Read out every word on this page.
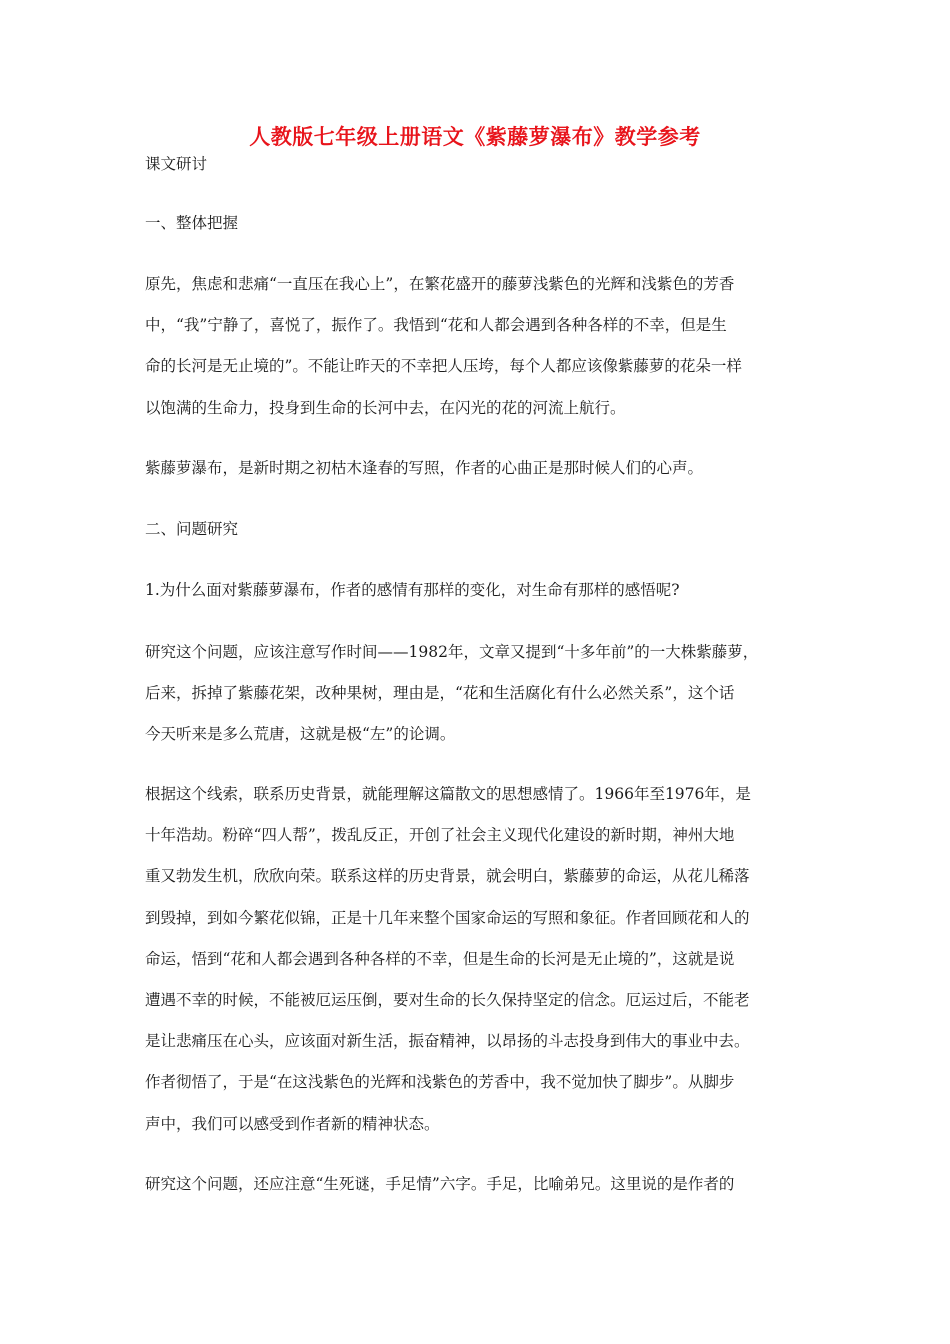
人教版七年级上册语文《紫藤萝瀑布》教学参考

课文研讨

一、整体把握

原先，焦虑和悲痛“一直压在我心上”，在繁花盛开的藤萝浅紫色的光辉和浅紫色的芳香
中，“我”宁静了，喜悦了，振作了。我悟到“花和人都会遇到各种各样的不幸，但是生
命的长河是无止境的”。不能让昨天的不幸把人压垮，每个人都应该像紫藤萝的花朵一样
以饱满的生命力，投身到生命的长河中去，在闪光的花的河流上航行。

紫藤萝瀑布，是新时期之初枯木逢春的写照，作者的心曲正是那时候人们的心声。

二、问题研究

1.为什么面对紫藤萝瀑布，作者的感情有那样的变化，对生命有那样的感悟呢?

研究这个问题，应该注意写作时间——1982年，文章又提到“十多年前”的一大株紫藤萝，
后来，拆掉了紫藤花架，改种果树，理由是，“花和生活腐化有什么必然关系”，这个话
今天听来是多么荒唐，这就是极“左”的论调。
根据这个线索，联系历史背景，就能理解这篇散文的思想感情了。1966年至1976年，是
十年浩劫。粉碎“四人帮”，拨乱反正，开创了社会主义现代化建设的新时期，神州大地
重又勃发生机，欣欣向荣。联系这样的历史背景，就会明白，紫藤萝的命运，从花儿稀落
到毁掉，到如今繁花似锦，正是十几年来整个国家命运的写照和象征。作者回顾花和人的
命运，悟到“花和人都会遇到各种各样的不幸，但是生命的长河是无止境的”，这就是说
遭遇不幸的时候，不能被厄运压倒，要对生命的长久保持坚定的信念。厄运过后，不能老
是让悲痛压在心头，应该面对新生活，振奋精神，以昂扬的斗志投身到伟大的事业中去。
作者彻悟了，于是“在这浅紫色的光辉和浅紫色的芳香中，我不觉加快了脚步”。从脚步
声中，我们可以感受到作者新的精神状态。

研究这个问题，还应注意“生死谜，手足情”六字。手足，比喻弟兄。这里说的是作者的
